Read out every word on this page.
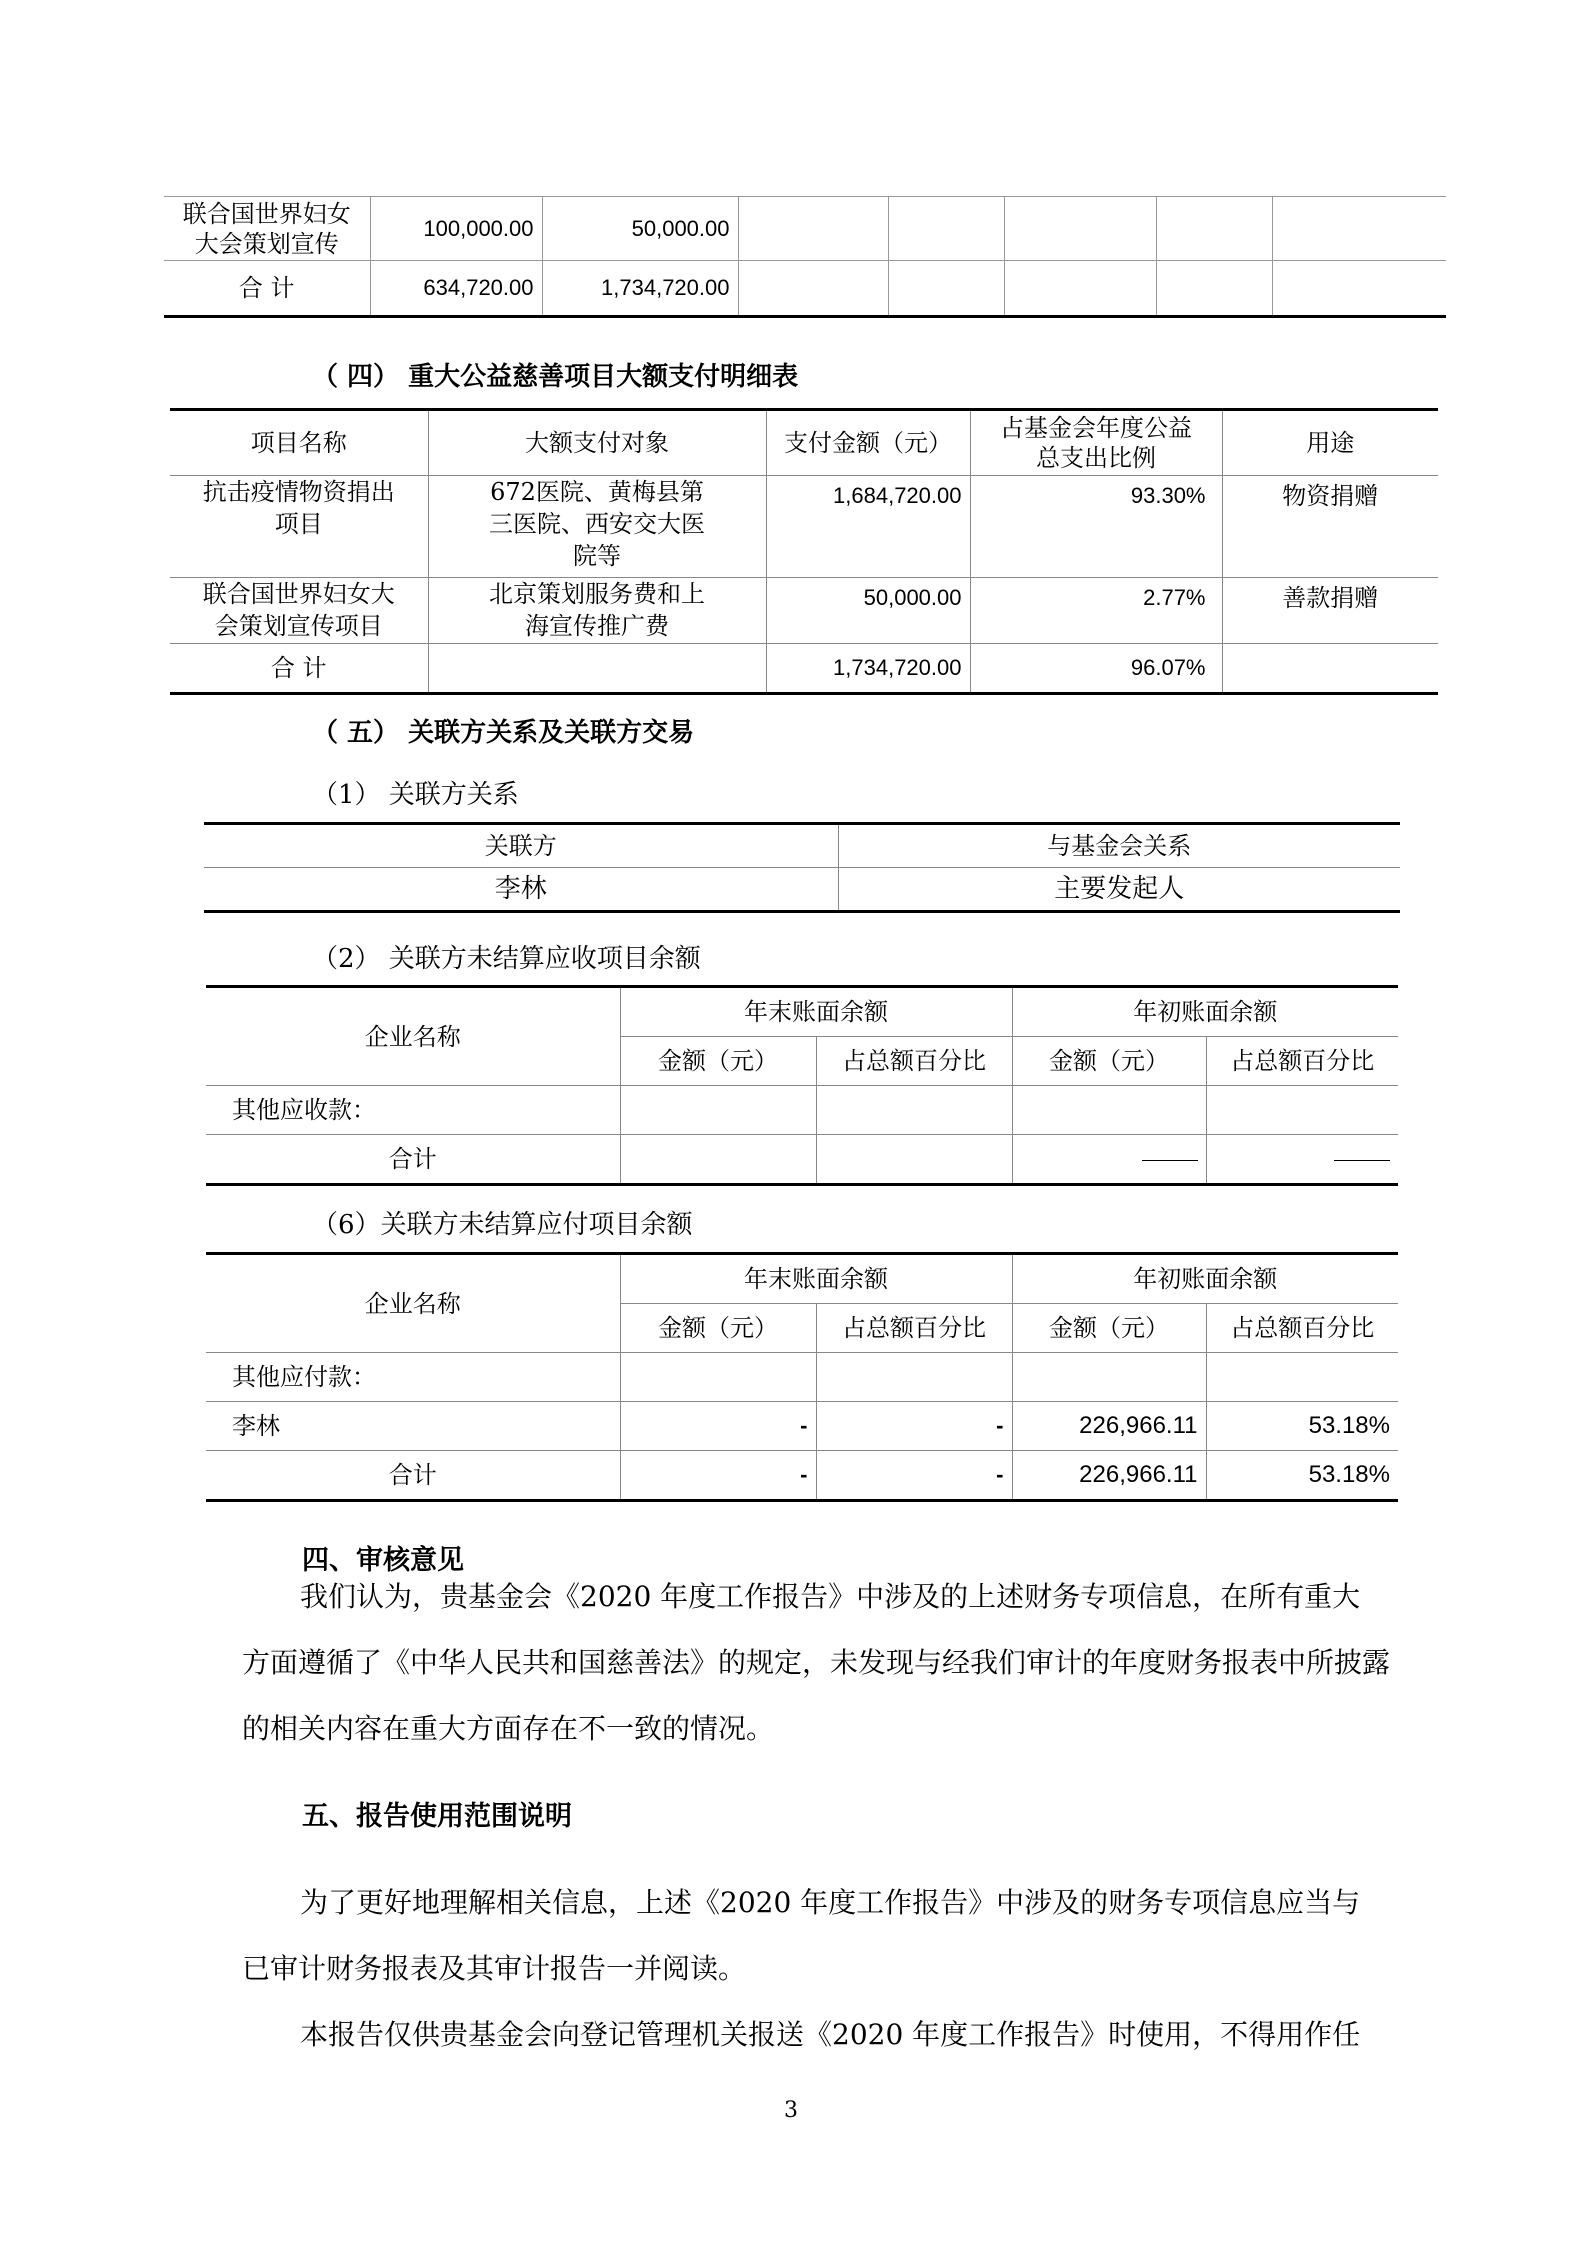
联合国世界妇女大会策划宣传	100,000.00	50,000.00					
合 计	634,720.00	1,734,720.00					
（ 四） 重大公益慈善项目大额支付明细表
项目名称	大额支付对象	支付金额（元）	占基金会年度公益总支出比例	用途
抗击疫情物资捐出项目	672医院、黄梅县第三医院、西安交大医院等	1,684,720.00	93.30%	物资捐赠
联合国世界妇女大会策划宣传项目	北京策划服务费和上海宣传推广费	50,000.00	2.77%	善款捐赠
合 计		1,734,720.00	96.07%	
（ 五） 关联方关系及关联方交易
（1） 关联方关系
关联方	与基金会关系
李林	主要发起人
（2） 关联方未结算应收项目余额
企业名称	年末账面余额		年初账面余额	
	金额（元）	占总额百分比	金额（元）	占总额百分比
其他应收款：				
合计				
（6）关联方未结算应付项目余额
企业名称	年末账面余额		年初账面余额	
	金额（元）	占总额百分比	金额（元）	占总额百分比
其他应付款：				
李林	-	-	226,966.11	53.18%
合计	-	-	226,966.11	53.18%
四、审核意见
我们认为，贵基金会《2020 年度工作报告》中涉及的上述财务专项信息，在所有重大
方面遵循了《中华人民共和国慈善法》的规定，未发现与经我们审计的年度财务报表中所披露
的相关内容在重大方面存在不一致的情况。
五、报告使用范围说明
为了更好地理解相关信息，上述《2020 年度工作报告》中涉及的财务专项信息应当与
已审计财务报表及其审计报告一并阅读。
本报告仅供贵基金会向登记管理机关报送《2020 年度工作报告》时使用，不得用作任
3
